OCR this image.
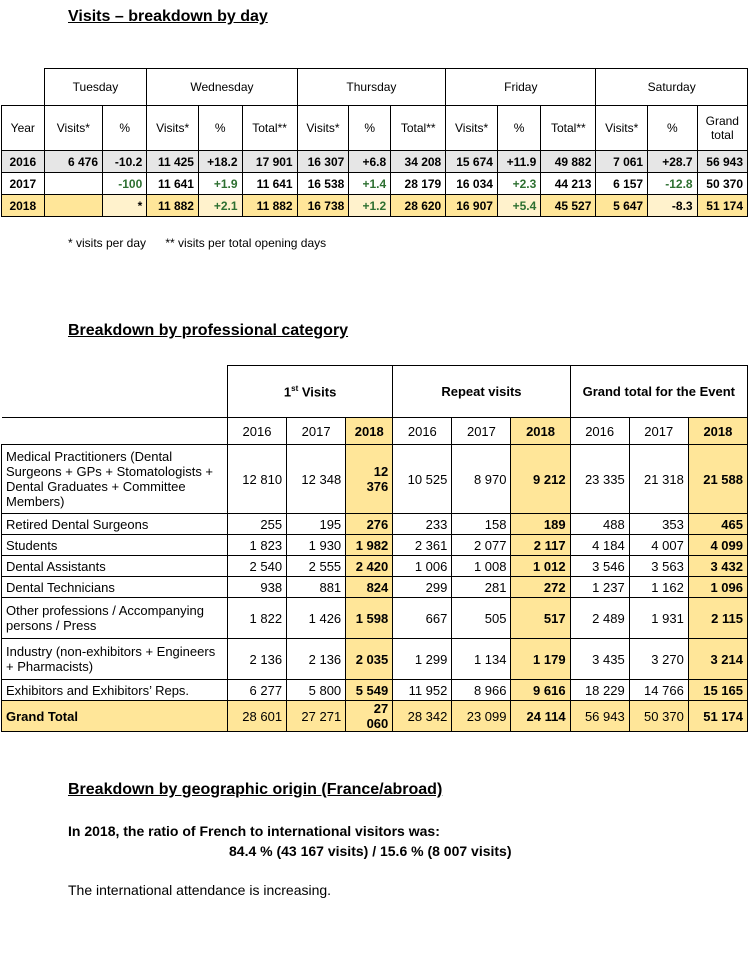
Visits – breakdown by day
	Tuesday		Wednesday			Thursday			Friday			Saturday		
Year	Visits*	%	Visits*	%	Total**	Visits*	%	Total**	Visits*	%	Total**	Visits*	%	Grand total
2016	6 476	-10.2	11 425	+18.2	17 901	16 307	+6.8	34 208	15 674	+11.9	49 882	7 061	+28.7	56 943
2017		-100	11 641	+1.9	11 641	16 538	+1.4	28 179	16 034	+2.3	44 213	6 157	-12.8	50 370
2018		*	11 882	+2.1	11 882	16 738	+1.2	28 620	16 907	+5.4	45 527	5 647	-8.3	51 174
* visits per day ** visits per total opening days
Breakdown by professional category
	1st Visits			Repeat visits			Grand total for the Event		
	2016	2017	2018	2016	2017	2018	2016	2017	2018
Medical Practitioners (Dental Surgeons + GPs + Stomatologists + Dental Graduates + Committee Members)	12 810	12 348	12 376	10 525	8 970	9 212	23 335	21 318	21 588
Retired Dental Surgeons	255	195	276	233	158	189	488	353	465
Students	1 823	1 930	1 982	2 361	2 077	2 117	4 184	4 007	4 099
Dental Assistants	2 540	2 555	2 420	1 006	1 008	1 012	3 546	3 563	3 432
Dental Technicians	938	881	824	299	281	272	1 237	1 162	1 096
Other professions / Accompanying persons / Press	1 822	1 426	1 598	667	505	517	2 489	1 931	2 115
Industry (non-exhibitors + Engineers + Pharmacists)	2 136	2 136	2 035	1 299	1 134	1 179	3 435	3 270	3 214
Exhibitors and Exhibitors’ Reps.	6 277	5 800	5 549	11 952	8 966	9 616	18 229	14 766	15 165
Grand Total	28 601	27 271	27 060	28 342	23 099	24 114	56 943	50 370	51 174
Breakdown by geographic origin (France/abroad)
In 2018, the ratio of French to international visitors was:
84.4 % (43 167 visits) / 15.6 % (8 007 visits)
The international attendance is increasing.
